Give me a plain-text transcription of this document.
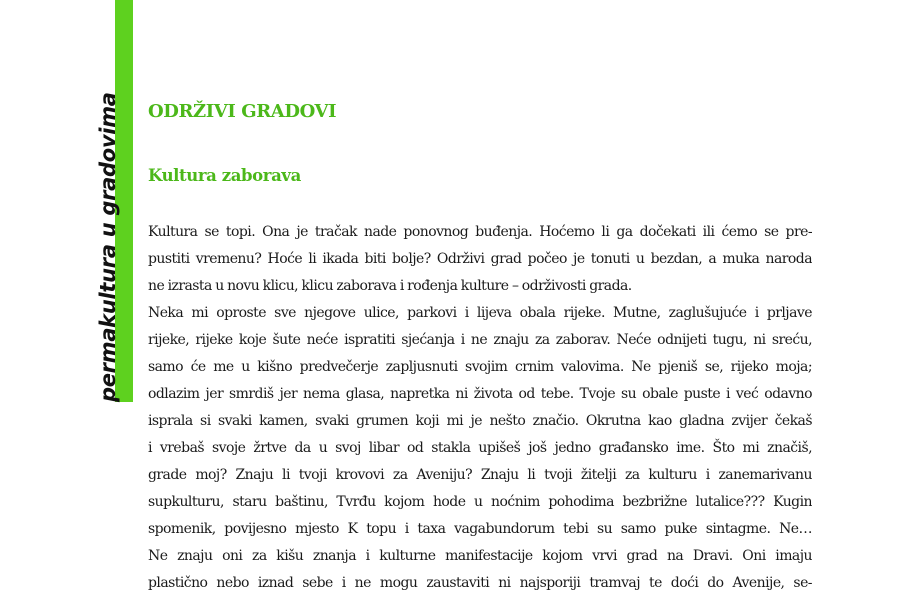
permakultura u gradovima ODRŽIVI GRADOVI
Kultura zaborava
Kultura se topi. Ona je tračak nade ponovnog buđenja. Hoćemo li ga dočekati ili ćemo se pre-
pustiti vremenu? Hoće li ikada biti bolje? Održivi grad počeo je tonuti u bezdan, a muka naroda
ne izrasta u novu klicu, klicu zaborava i rođenja kulture – održivosti grada.
Neka mi oproste sve njegove ulice, parkovi i lijeva obala rijeke. Mutne, zaglušujuće i prljave
rijeke, rijeke koje šute neće ispratiti sjećanja i ne znaju za zaborav. Neće odnijeti tugu, ni sreću,
samo će me u kišno predvečerje zapljusnuti svojim crnim valovima. Ne pjeniš se, rijeko moja;
odlazim jer smrdiš jer nema glasa, napretka ni života od tebe. Tvoje su obale puste i već odavno
isprala si svaki kamen, svaki grumen koji mi je nešto značio. Okrutna kao gladna zvijer čekaš
i vrebaš svoje žrtve da u svoj libar od stakla upišeš još jedno građansko ime. Što mi značiš,
grade moj? Znaju li tvoji krovovi za Aveniju? Znaju li tvoji žitelji za kulturu i zanemarivanu
supkulturu, staru baštinu, Tvrđu kojom hode u noćnim pohodima bezbrižne lutalice??? Kugin
spomenik, povijesno mjesto K topu i taxa vagabundorum tebi su samo puke sintagme. Ne…
Ne znaju oni za kišu znanja i kulturne manifestacije kojom vrvi grad na Dravi. Oni imaju
plastično nebo iznad sebe i ne mogu zaustaviti ni najsporiji tramvaj te doći do Avenije, se-
